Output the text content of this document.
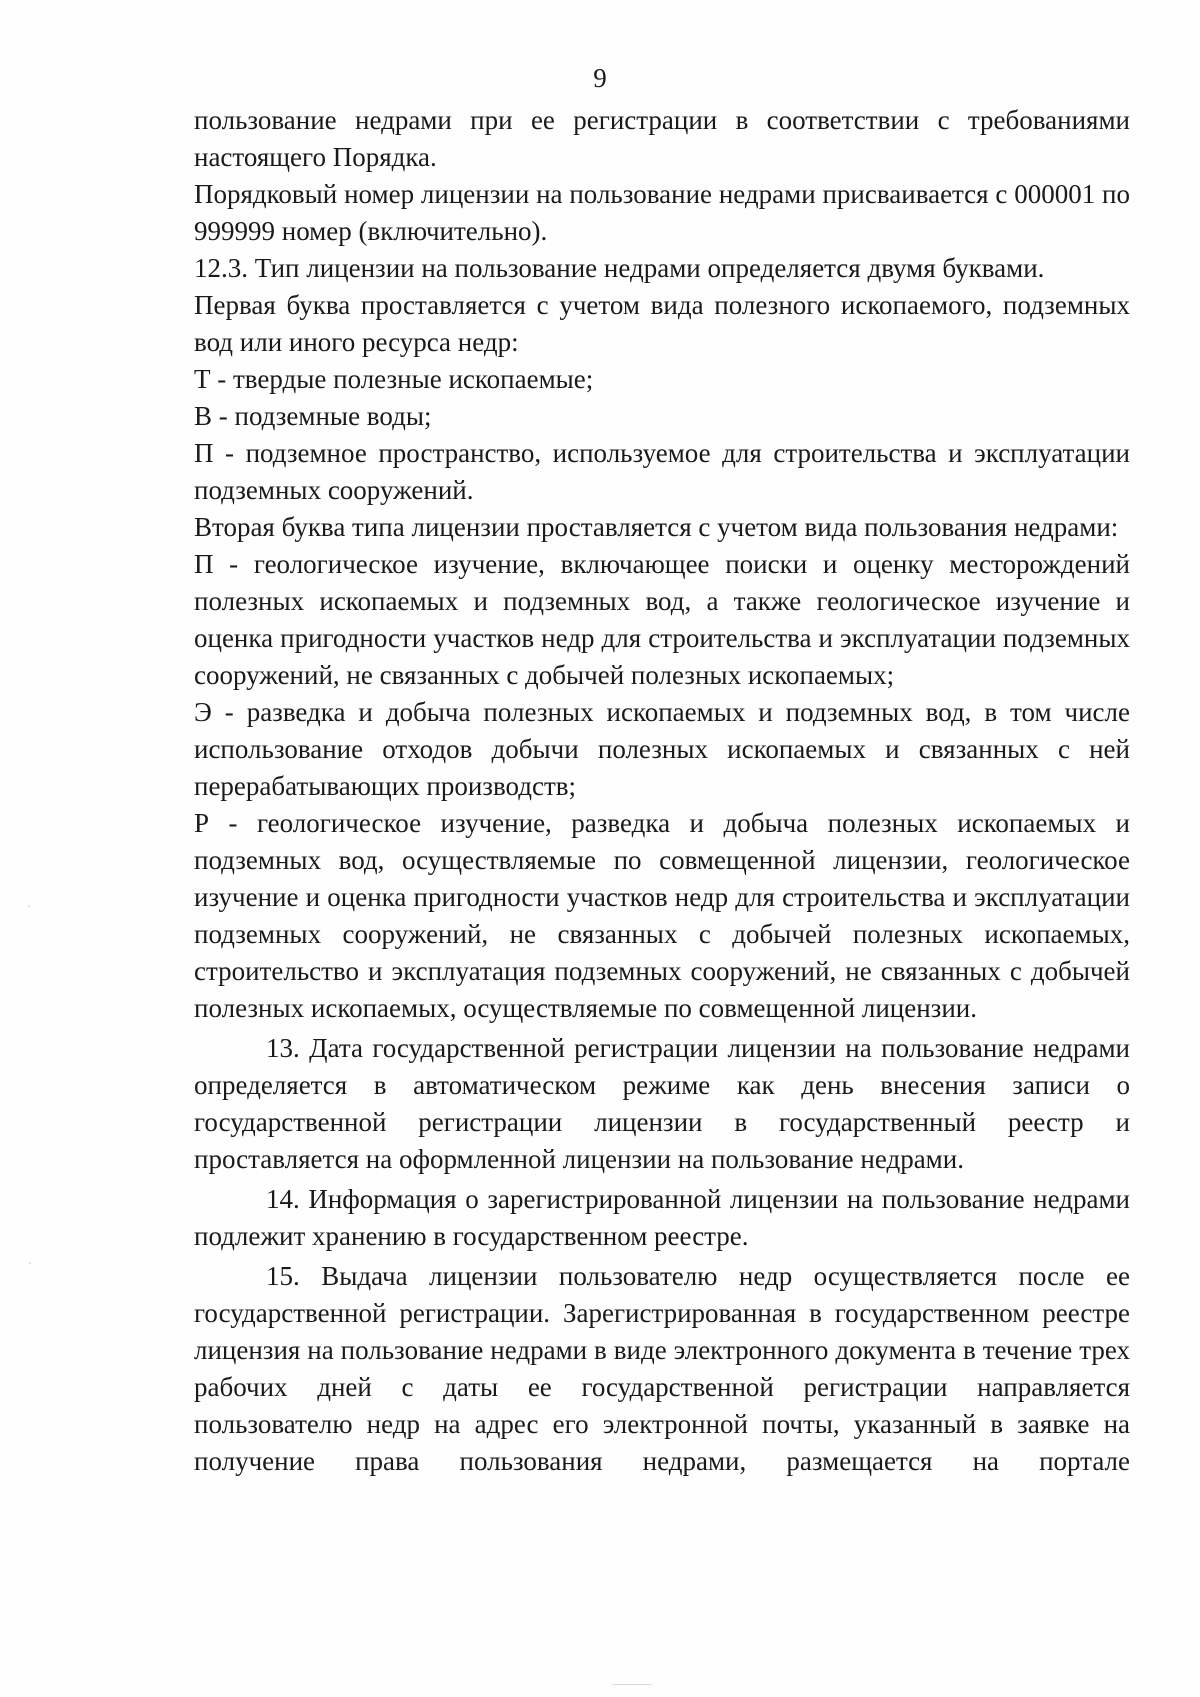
9

пользование недрами при ее регистрации в соответствии с требованиями настоящего Порядка.

Порядковый номер лицензии на пользование недрами присваивается с 000001 по 999999 номер (включительно).

12.3. Тип лицензии на пользование недрами определяется двумя буквами.

Первая буква проставляется с учетом вида полезного ископаемого, подземных вод или иного ресурса недр:

Т - твердые полезные ископаемые;

В - подземные воды;

П - подземное пространство, используемое для строительства и эксплуатации подземных сооружений.

Вторая буква типа лицензии проставляется с учетом вида пользования недрами:

П - геологическое изучение, включающее поиски и оценку месторождений полезных ископаемых и подземных вод, а также геологическое изучение и оценка пригодности участков недр для строительства и эксплуатации подземных сооружений, не связанных с добычей полезных ископаемых;

Э - разведка и добыча полезных ископаемых и подземных вод, в том числе использование отходов добычи полезных ископаемых и связанных с ней перерабатывающих производств;

Р - геологическое изучение, разведка и добыча полезных ископаемых и подземных вод, осуществляемые по совмещенной лицензии, геологическое изучение и оценка пригодности участков недр для строительства и эксплуатации подземных сооружений, не связанных с добычей полезных ископаемых, строительство и эксплуатация подземных сооружений, не связанных с добычей полезных ископаемых, осуществляемые по совмещенной лицензии.

13. Дата государственной регистрации лицензии на пользование недрами определяется в автоматическом режиме как день внесения записи о государственной регистрации лицензии в государственный реестр и проставляется на оформленной лицензии на пользование недрами.

14. Информация о зарегистрированной лицензии на пользование недрами подлежит хранению в государственном реестре.

15. Выдача лицензии пользователю недр осуществляется после ее государственной регистрации. Зарегистрированная в государственном реестре лицензия на пользование недрами в виде электронного документа в течение трех рабочих дней с даты ее государственной регистрации направляется пользователю недр на адрес его электронной почты, указанный в заявке на получение права пользования недрами, размещается на портале
